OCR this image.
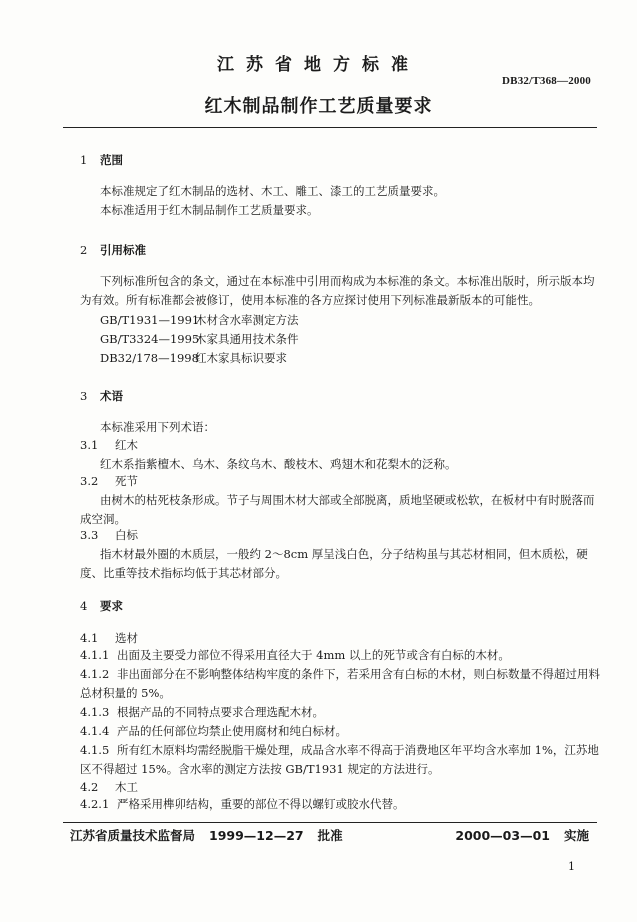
江苏省地方标准
DB32/T368—2000
红木制品制作工艺质量要求
1 范围
本标准规定了红木制品的选材、木工、雕工、漆工的工艺质量要求。
本标准适用于红木制品制作工艺质量要求。
2 引用标准
下列标准所包含的条文，通过在本标准中引用而构成为本标准的条文。本标准出版时，所示版本均为有效。所有标准都会被修订，使用本标准的各方应探讨使用下列标准最新版本的可能性。
GB/T1931—1991木材含水率测定方法
GB/T3324—1995木家具通用技术条件
DB32/178—1998红木家具标识要求
3 术语
本标准采用下列术语：
3.1 红木
红木系指紫檀木、乌木、条纹乌木、酸枝木、鸡翅木和花梨木的泛称。
3.2 死节
由树木的枯死枝条形成。节子与周围木材大部或全部脱离，质地坚硬或松软，在板材中有时脱落而成空洞。
3.3 白标
指木材最外圈的木质层，一般约 2～8cm 厚呈浅白色，分子结构虽与其芯材相同，但木质松，硬度、比重等技术指标均低于其芯材部分。
4 要求
4.1 选材
4.1.1 出面及主要受力部位不得采用直径大于 4mm 以上的死节或含有白标的木材。
4.1.2 非出面部分在不影响整体结构牢度的条件下，若采用含有白标的木材，则白标数量不得超过用料总材积量的 5%。
4.1.3 根据产品的不同特点要求合理选配木材。
4.1.4 产品的任何部位均禁止使用腐材和纯白标材。
4.1.5 所有红木原料均需经脱脂干燥处理，成品含水率不得高于消费地区年平均含水率加 1%，江苏地区不得超过 15%。含水率的测定方法按 GB/T1931 规定的方法进行。
4.2 木工
4.2.1 严格采用榫卯结构，重要的部位不得以螺钉或胶水代替。
江苏省质量技术监督局 1999—12—27 批准	2000—03—01 实施
1
